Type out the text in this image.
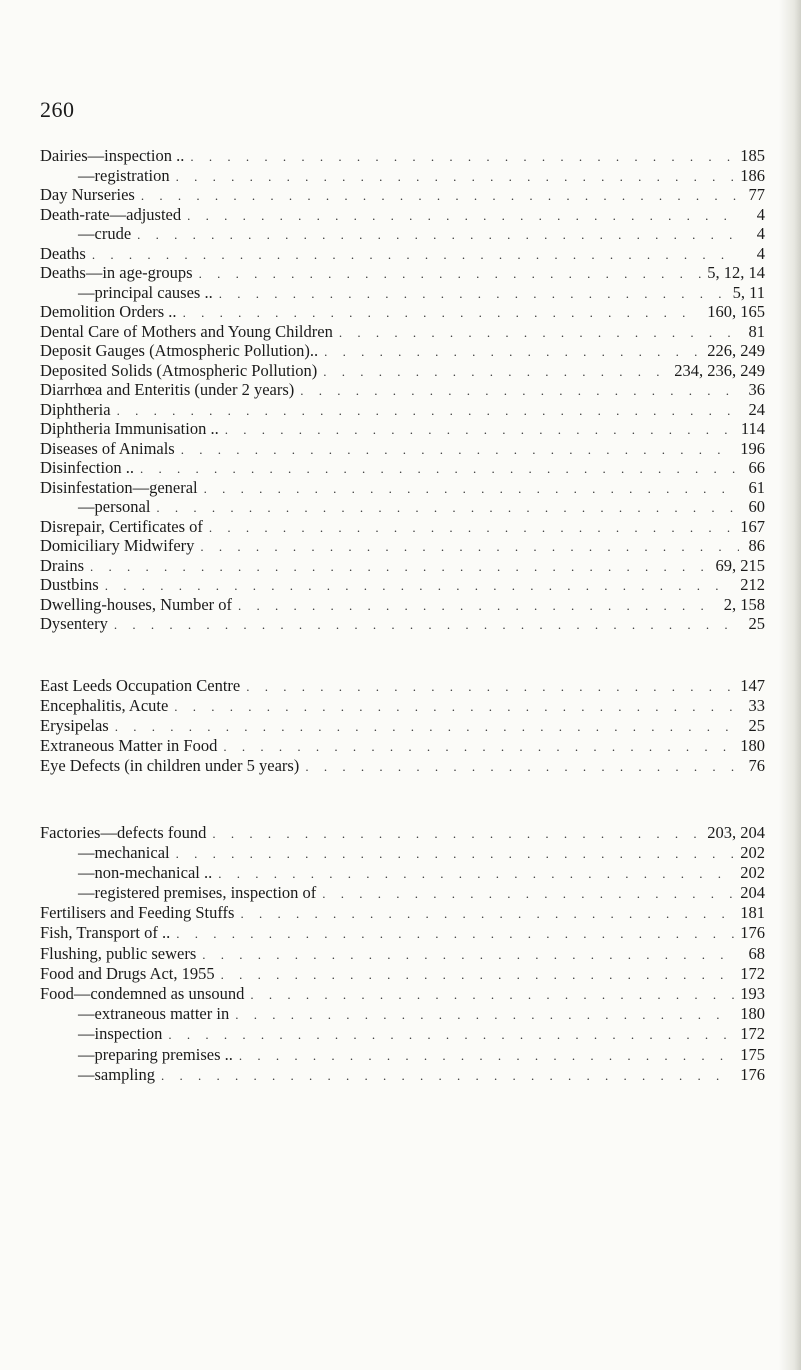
260
Dairies—inspection .. . . .	185
—registration . . .	186
Day Nurseries . . .	77
Death-rate—adjusted . . .	4
—crude . . .	4
Deaths . . .	4
Deaths—in age-groups . . .	5, 12, 14
—principal causes .. . . .	5, 11
Demolition Orders .. . . .	160, 165
Dental Care of Mothers and Young Children . . .	81
Deposit Gauges (Atmospheric Pollution).. . . .	226, 249
Deposited Solids (Atmospheric Pollution) . . .	234, 236, 249
Diarrhœa and Enteritis (under 2 years) . . .	36
Diphtheria . . .	24
Diphtheria Immunisation .. . . .	114
Diseases of Animals . . .	196
Disinfection .. . . .	66
Disinfestation—general . . .	61
—personal . . .	60
Disrepair, Certificates of . . .	167
Domiciliary Midwifery . . .	86
Drains . . .	69, 215
Dustbins . . .	212
Dwelling-houses, Number of . . .	2, 158
Dysentery . . .	25
East Leeds Occupation Centre . . .	147
Encephalitis, Acute . . .	33
Erysipelas . . .	25
Extraneous Matter in Food . . .	180
Eye Defects (in children under 5 years) . . .	76
Factories—defects found . . .	203, 204
—mechanical . . .	202
—non-mechanical .. . . .	202
—registered premises, inspection of . . .	204
Fertilisers and Feeding Stuffs . . .	181
Fish, Transport of .. . . .	176
Flushing, public sewers . . .	68
Food and Drugs Act, 1955 . . .	172
Food—condemned as unsound . . .	193
—extraneous matter in . . .	180
—inspection . . .	172
—preparing premises .. . . .	175
—sampling . . .	176
